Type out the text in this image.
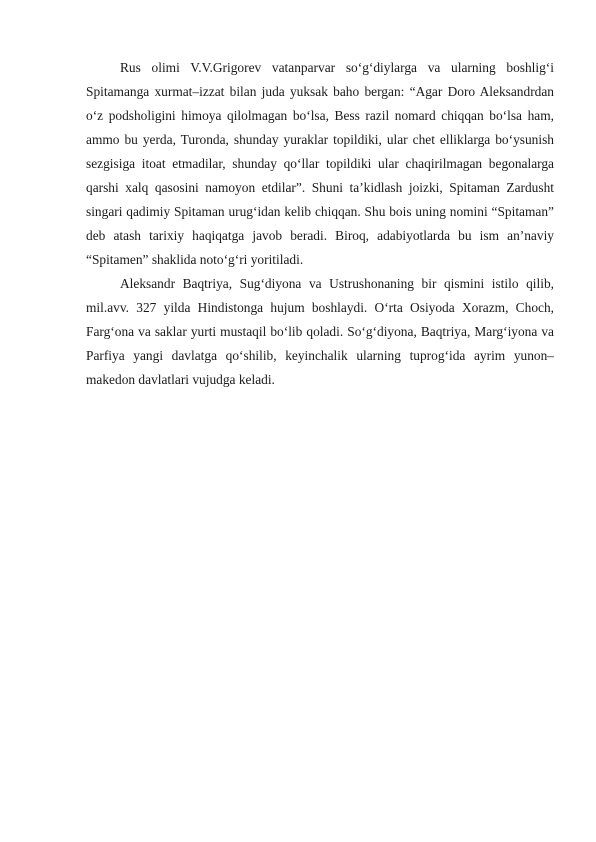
Rus olimi V.V.Grigorev vatanparvar so‘g‘diylarga va ularning boshlig‘i Spitamanga xurmat–izzat bilan juda yuksak baho bergan: “Agar Doro Aleksandrdan o‘z podsholigini himoya qilolmagan bo‘lsa, Bess razil nomard chiqqan bo‘lsa ham, ammo bu yerda, Turonda, shunday yuraklar topildiki, ular chet elliklarga bo‘ysunish sezgisiga itoat etmadilar, shunday qo‘llar topildiki ular chaqirilmagan begonalarga qarshi xalq qasosini namoyon etdilar”. Shuni ta’kidlash joizki, Spitaman Zardusht singari qadimiy Spitaman urug‘idan kelib chiqqan. Shu bois uning nomini “Spitaman” deb atash tarixiy haqiqatga javob beradi. Biroq, adabiyotlarda bu ism an’naviy “Spitamen” shaklida noto‘g‘ri yoritiladi.

Aleksandr Baqtriya, Sug‘diyona va Ustrushonaning bir qismini istilo qilib, mil.avv. 327 yilda Hindistonga hujum boshlaydi. O‘rta Osiyoda Xorazm, Choch, Farg‘ona va saklar yurti mustaqil bo‘lib qoladi. So‘g‘diyona, Baqtriya, Marg‘iyona va Parfiya yangi davlatga qo‘shilib, keyinchalik ularning tuprog‘ida ayrim yunon–makedon davlatlari vujudga keladi.
